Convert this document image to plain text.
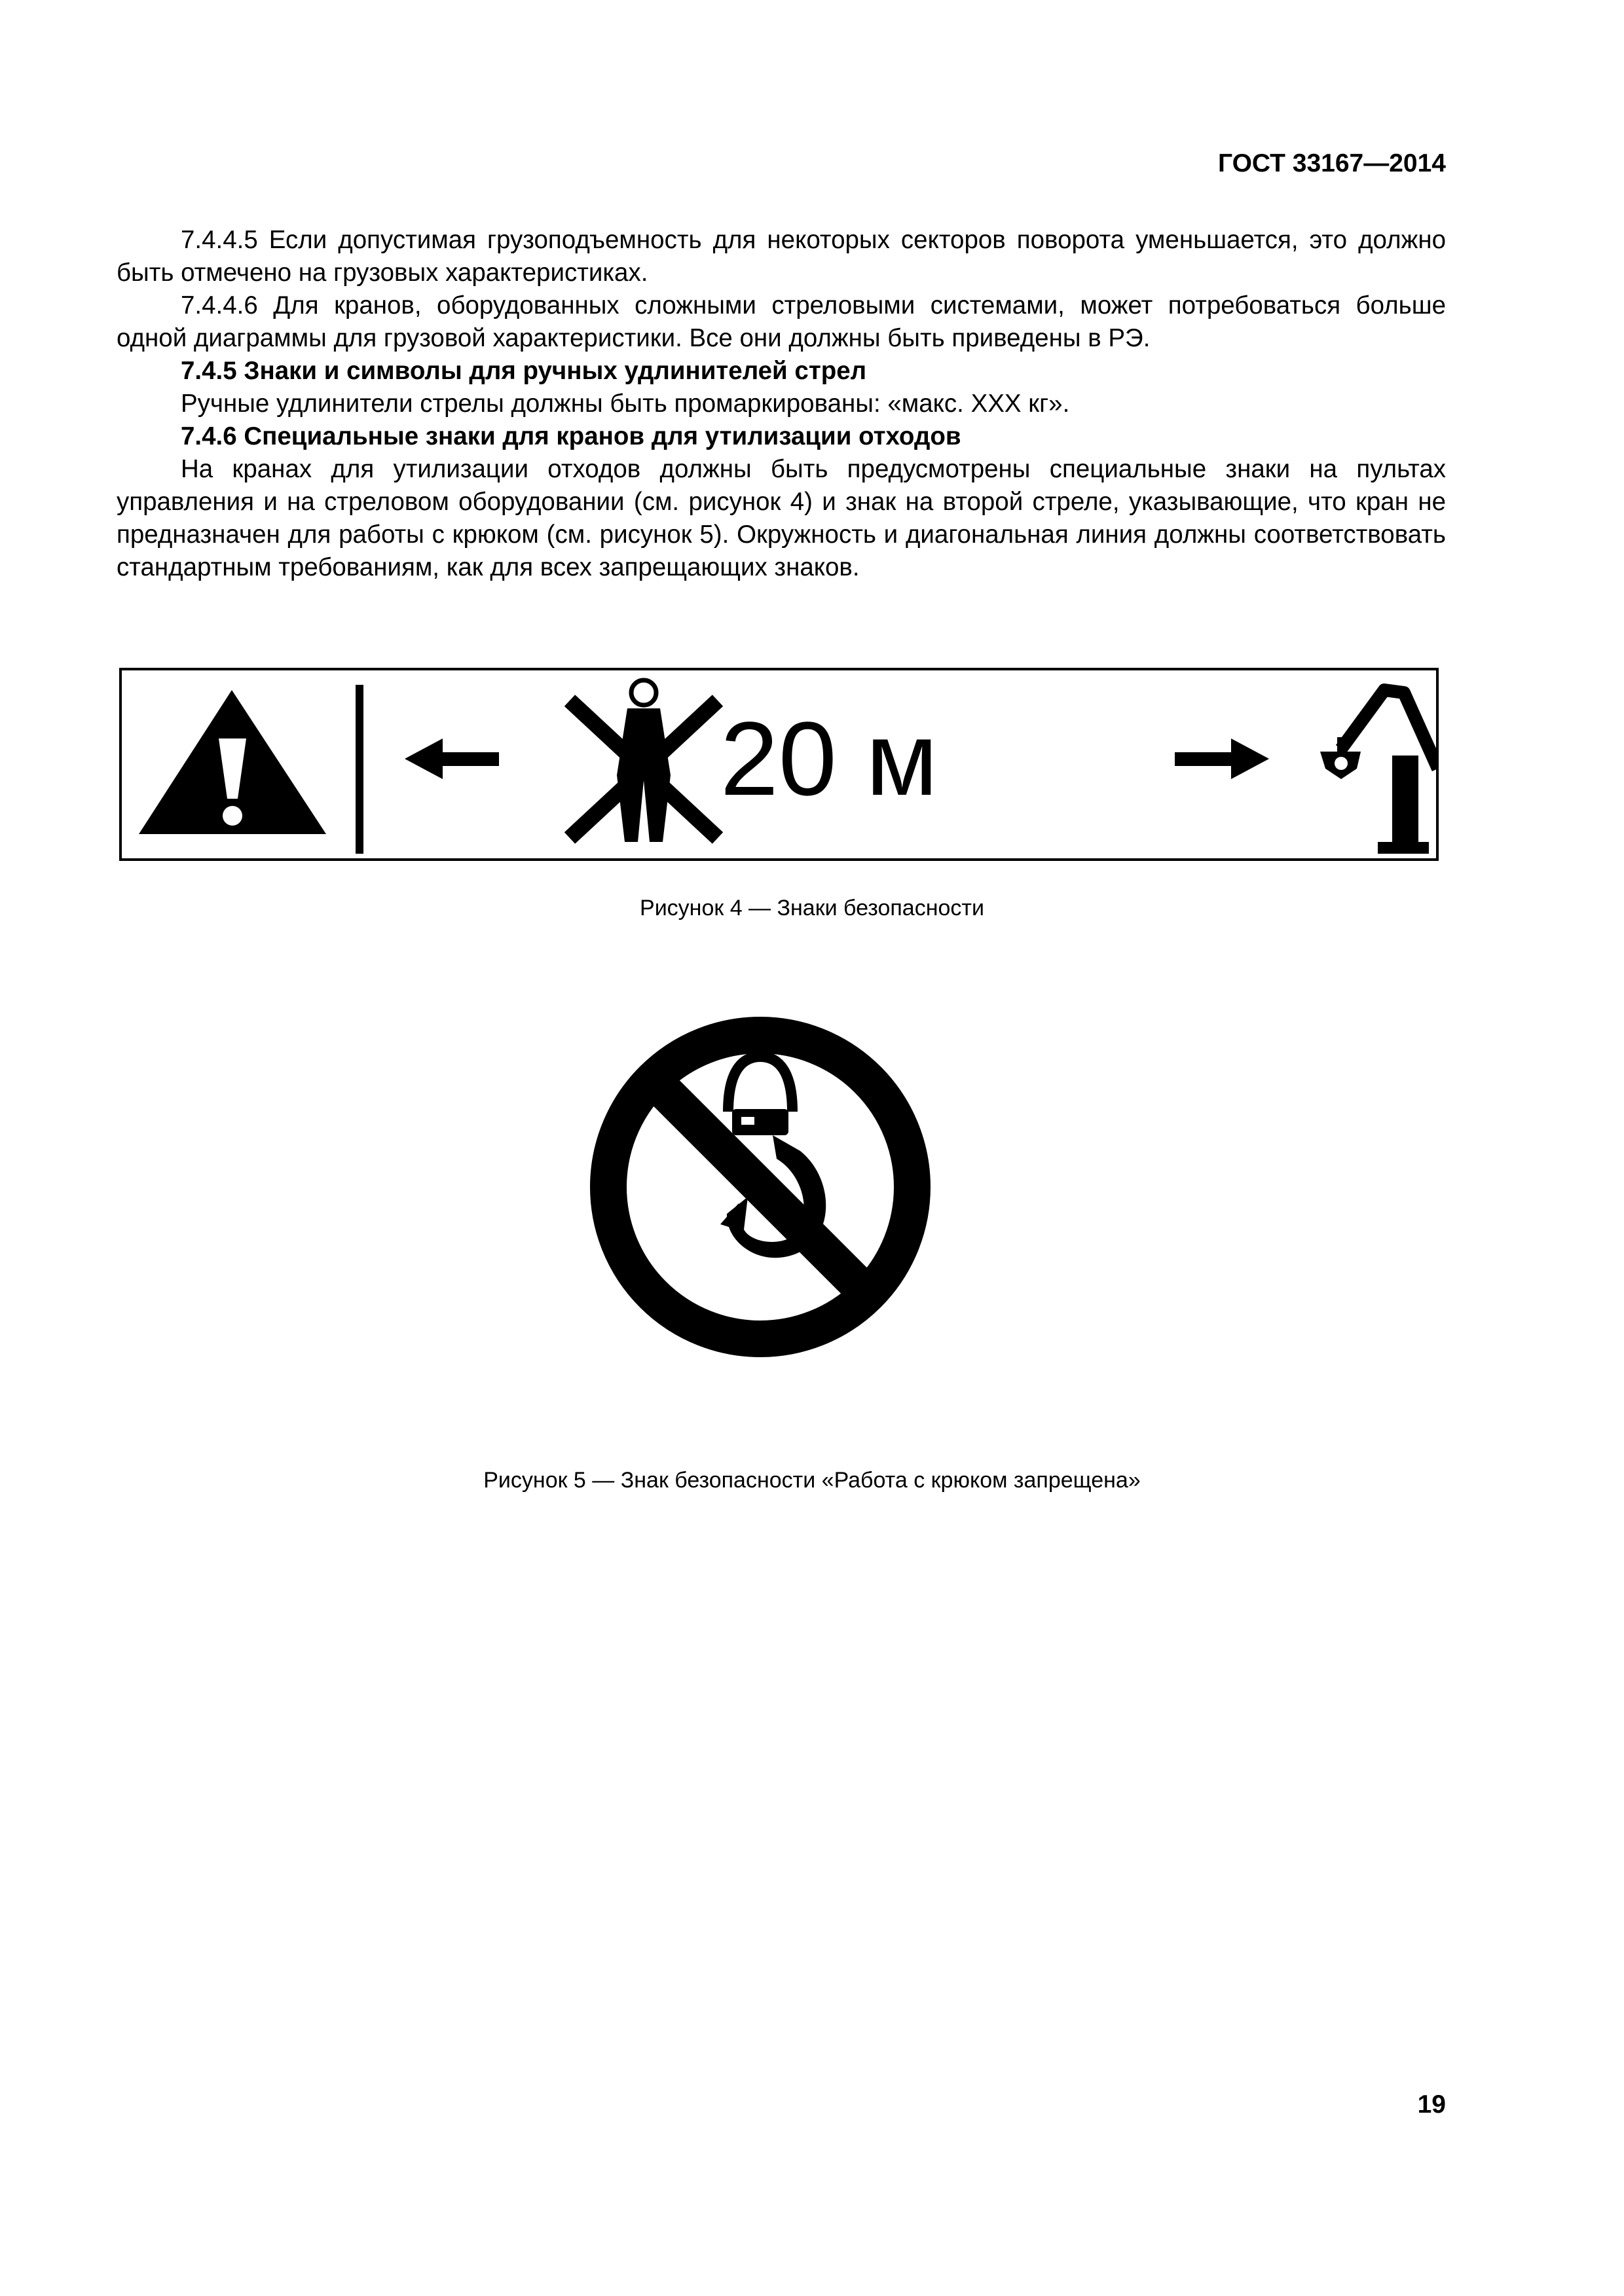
ГОСТ 33167—2014

7.4.4.5 Если допустимая грузоподъемность для некоторых секторов поворота уменьшается, это должно быть отмечено на грузовых характеристиках.

7.4.4.6 Для кранов, оборудованных сложными стреловыми системами, может потребоваться больше одной диаграммы для грузовой характеристики. Все они должны быть приведены в РЭ.

7.4.5 Знаки и символы для ручных удлинителей стрел

Ручные удлинители стрелы должны быть промаркированы: «макс. XXX кг».

7.4.6 Специальные знаки для кранов для утилизации отходов

На кранах для утилизации отходов должны быть предусмотрены специальные знаки на пультах управления и на стреловом оборудовании (см. рисунок 4) и знак на второй стреле, указывающие, что кран не предназначен для работы с крюком (см. рисунок 5). Окружность и диагональная линия должны соответствовать стандартным требованиям, как для всех запрещающих знаков.

20 м
Рисунок 4 — Знаки безопасности
Рисунок 5 — Знак безопасности «Работа с крюком запрещена»
19
